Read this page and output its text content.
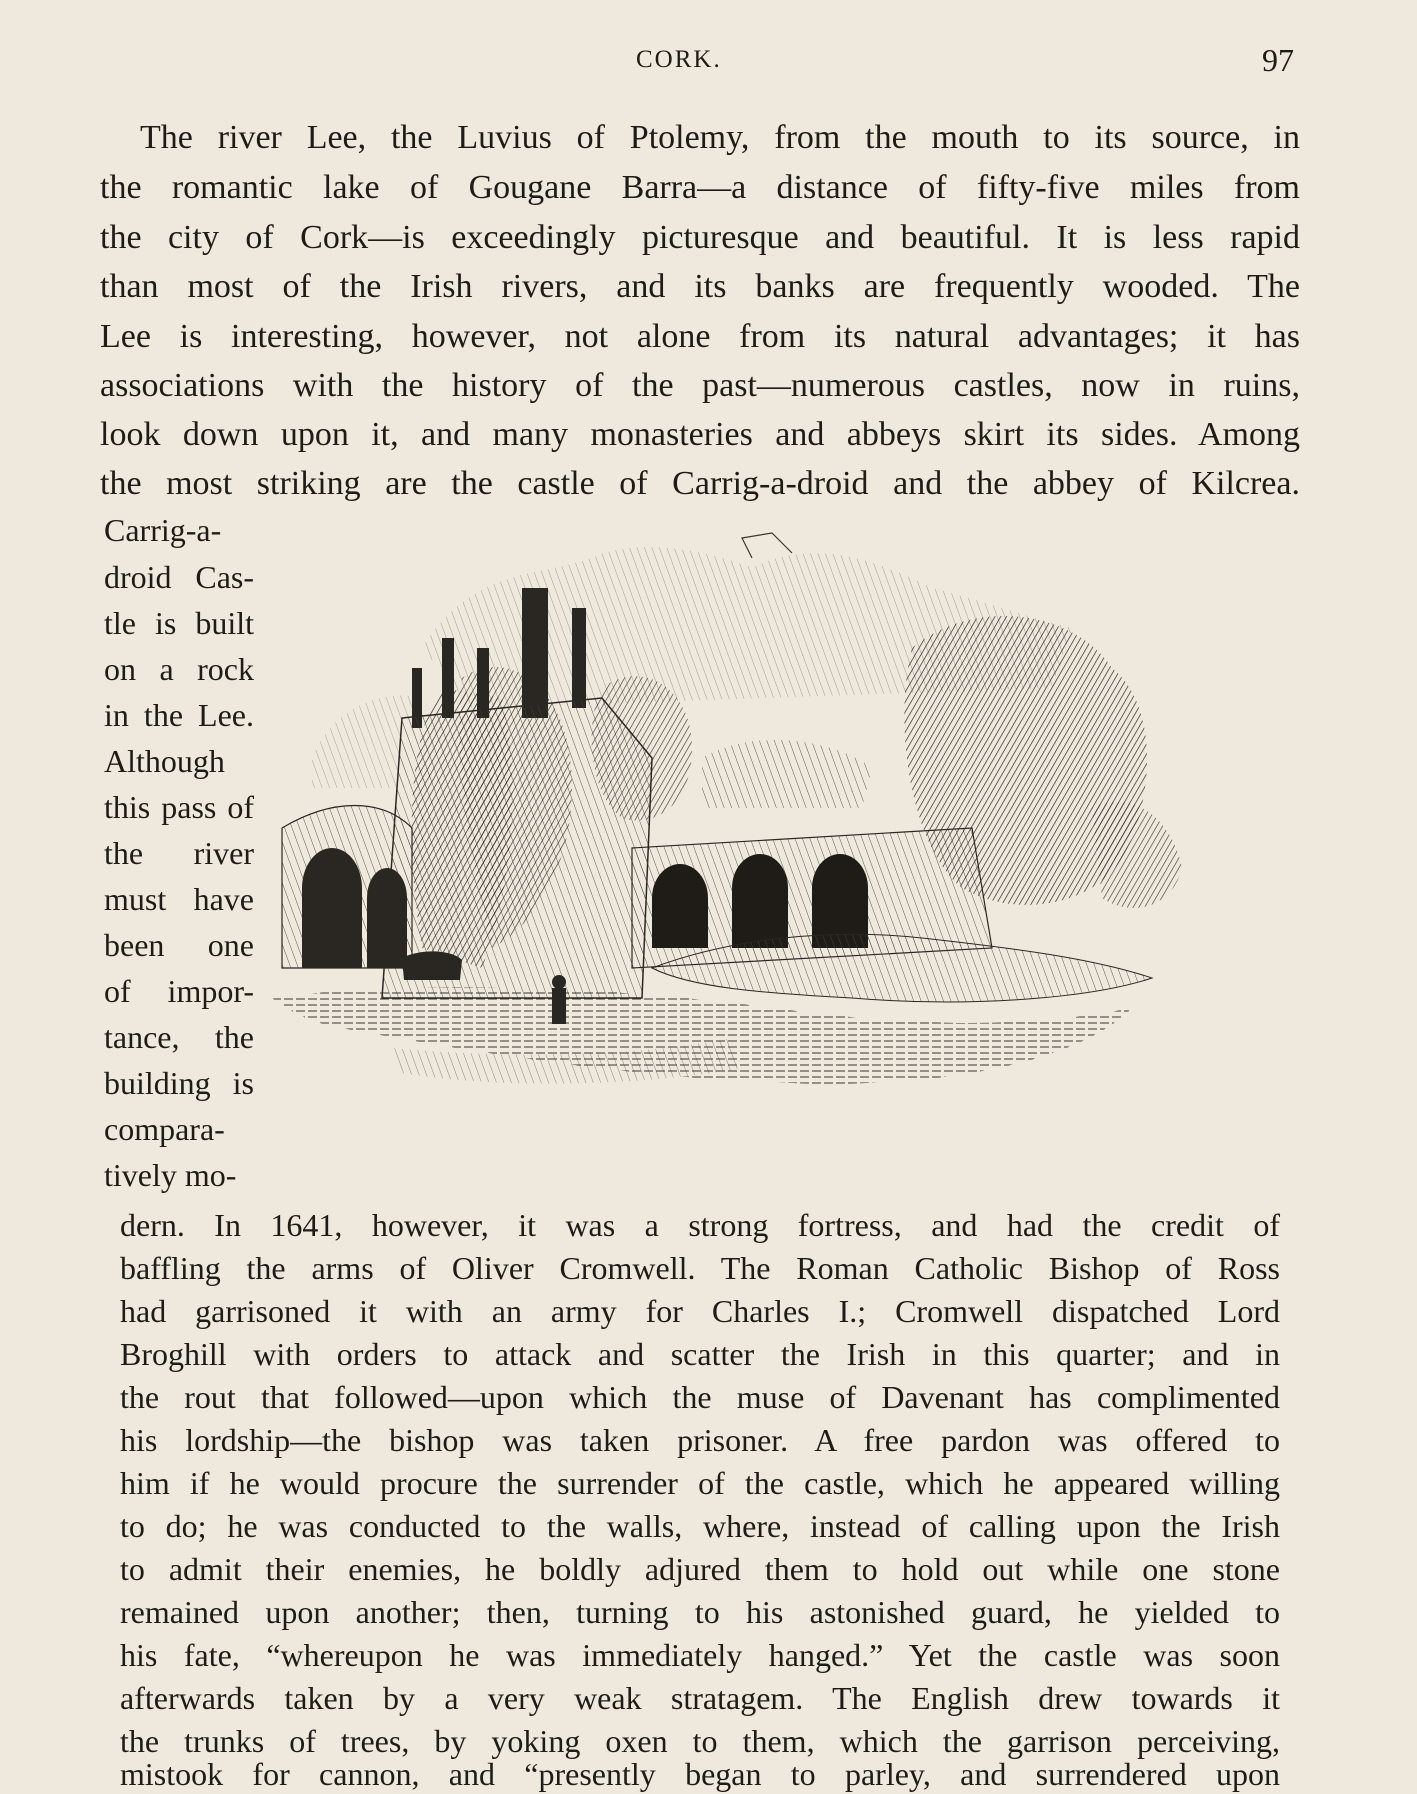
CORK.	97
The river Lee, the Luvius of Ptolemy, from the mouth to its source, in
the romantic lake of Gougane Barra—a distance of fifty-five miles from
the city of Cork—is exceedingly picturesque and beautiful. It is less rapid
than most of the Irish rivers, and its banks are frequently wooded. The
Lee is interesting, however, not alone from its natural advantages; it has
associations with the history of the past—numerous castles, now in ruins,
look down upon it, and many monasteries and abbeys skirt its sides. Among
the most striking are the castle of Carrig-a-droid and the abbey of Kilcrea.
Carrig-a-
droid Cas-
tle is built
on a rock
in the Lee.
Although
this pass of
the river
must have
been one
of impor-
tance, the
building is
compara-
tively mo-
dern. In 1641, however, it was a strong fortress, and had the credit of
baffling the arms of Oliver Cromwell. The Roman Catholic Bishop of Ross
had garrisoned it with an army for Charles I.; Cromwell dispatched Lord
Broghill with orders to attack and scatter the Irish in this quarter; and in
the rout that followed—upon which the muse of Davenant has complimented
his lordship—the bishop was taken prisoner. A free pardon was offered to
him if he would procure the surrender of the castle, which he appeared willing
to do; he was conducted to the walls, where, instead of calling upon the Irish
to admit their enemies, he boldly adjured them to hold out while one stone
remained upon another; then, turning to his astonished guard, he yielded to
his fate, “whereupon he was immediately hanged.” Yet the castle was soon
afterwards taken by a very weak stratagem. The English drew towards it
the trunks of trees, by yoking oxen to them, which the garrison perceiving,
mistook for cannon, and “presently began to parley, and surrendered upon
